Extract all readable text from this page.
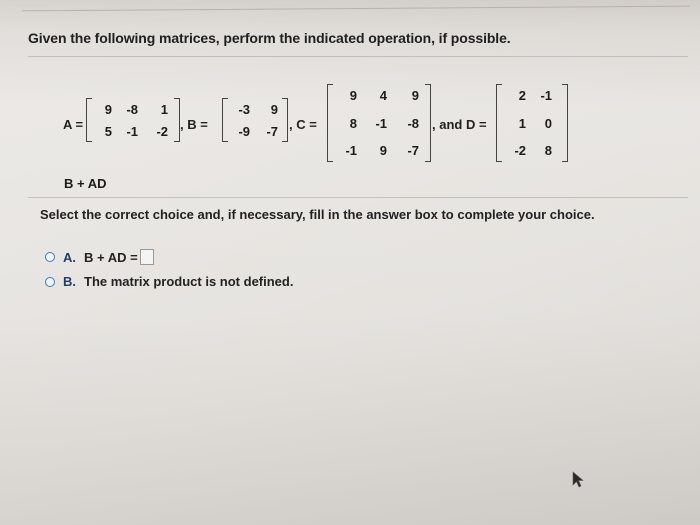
Given the following matrices, perform the indicated operation, if possible.
A =
9	-8	1
5	-1	-2 , B =
-3	9
-9	-7 , C =
9	4	9
8	-1	-8
-1	9	-7
, and D =
2	-1
1	0
-2	8
B + AD
Select the correct choice and, if necessary, fill in the answer box to complete your choice.
A. B + AD =
B. The matrix product is not defined.
